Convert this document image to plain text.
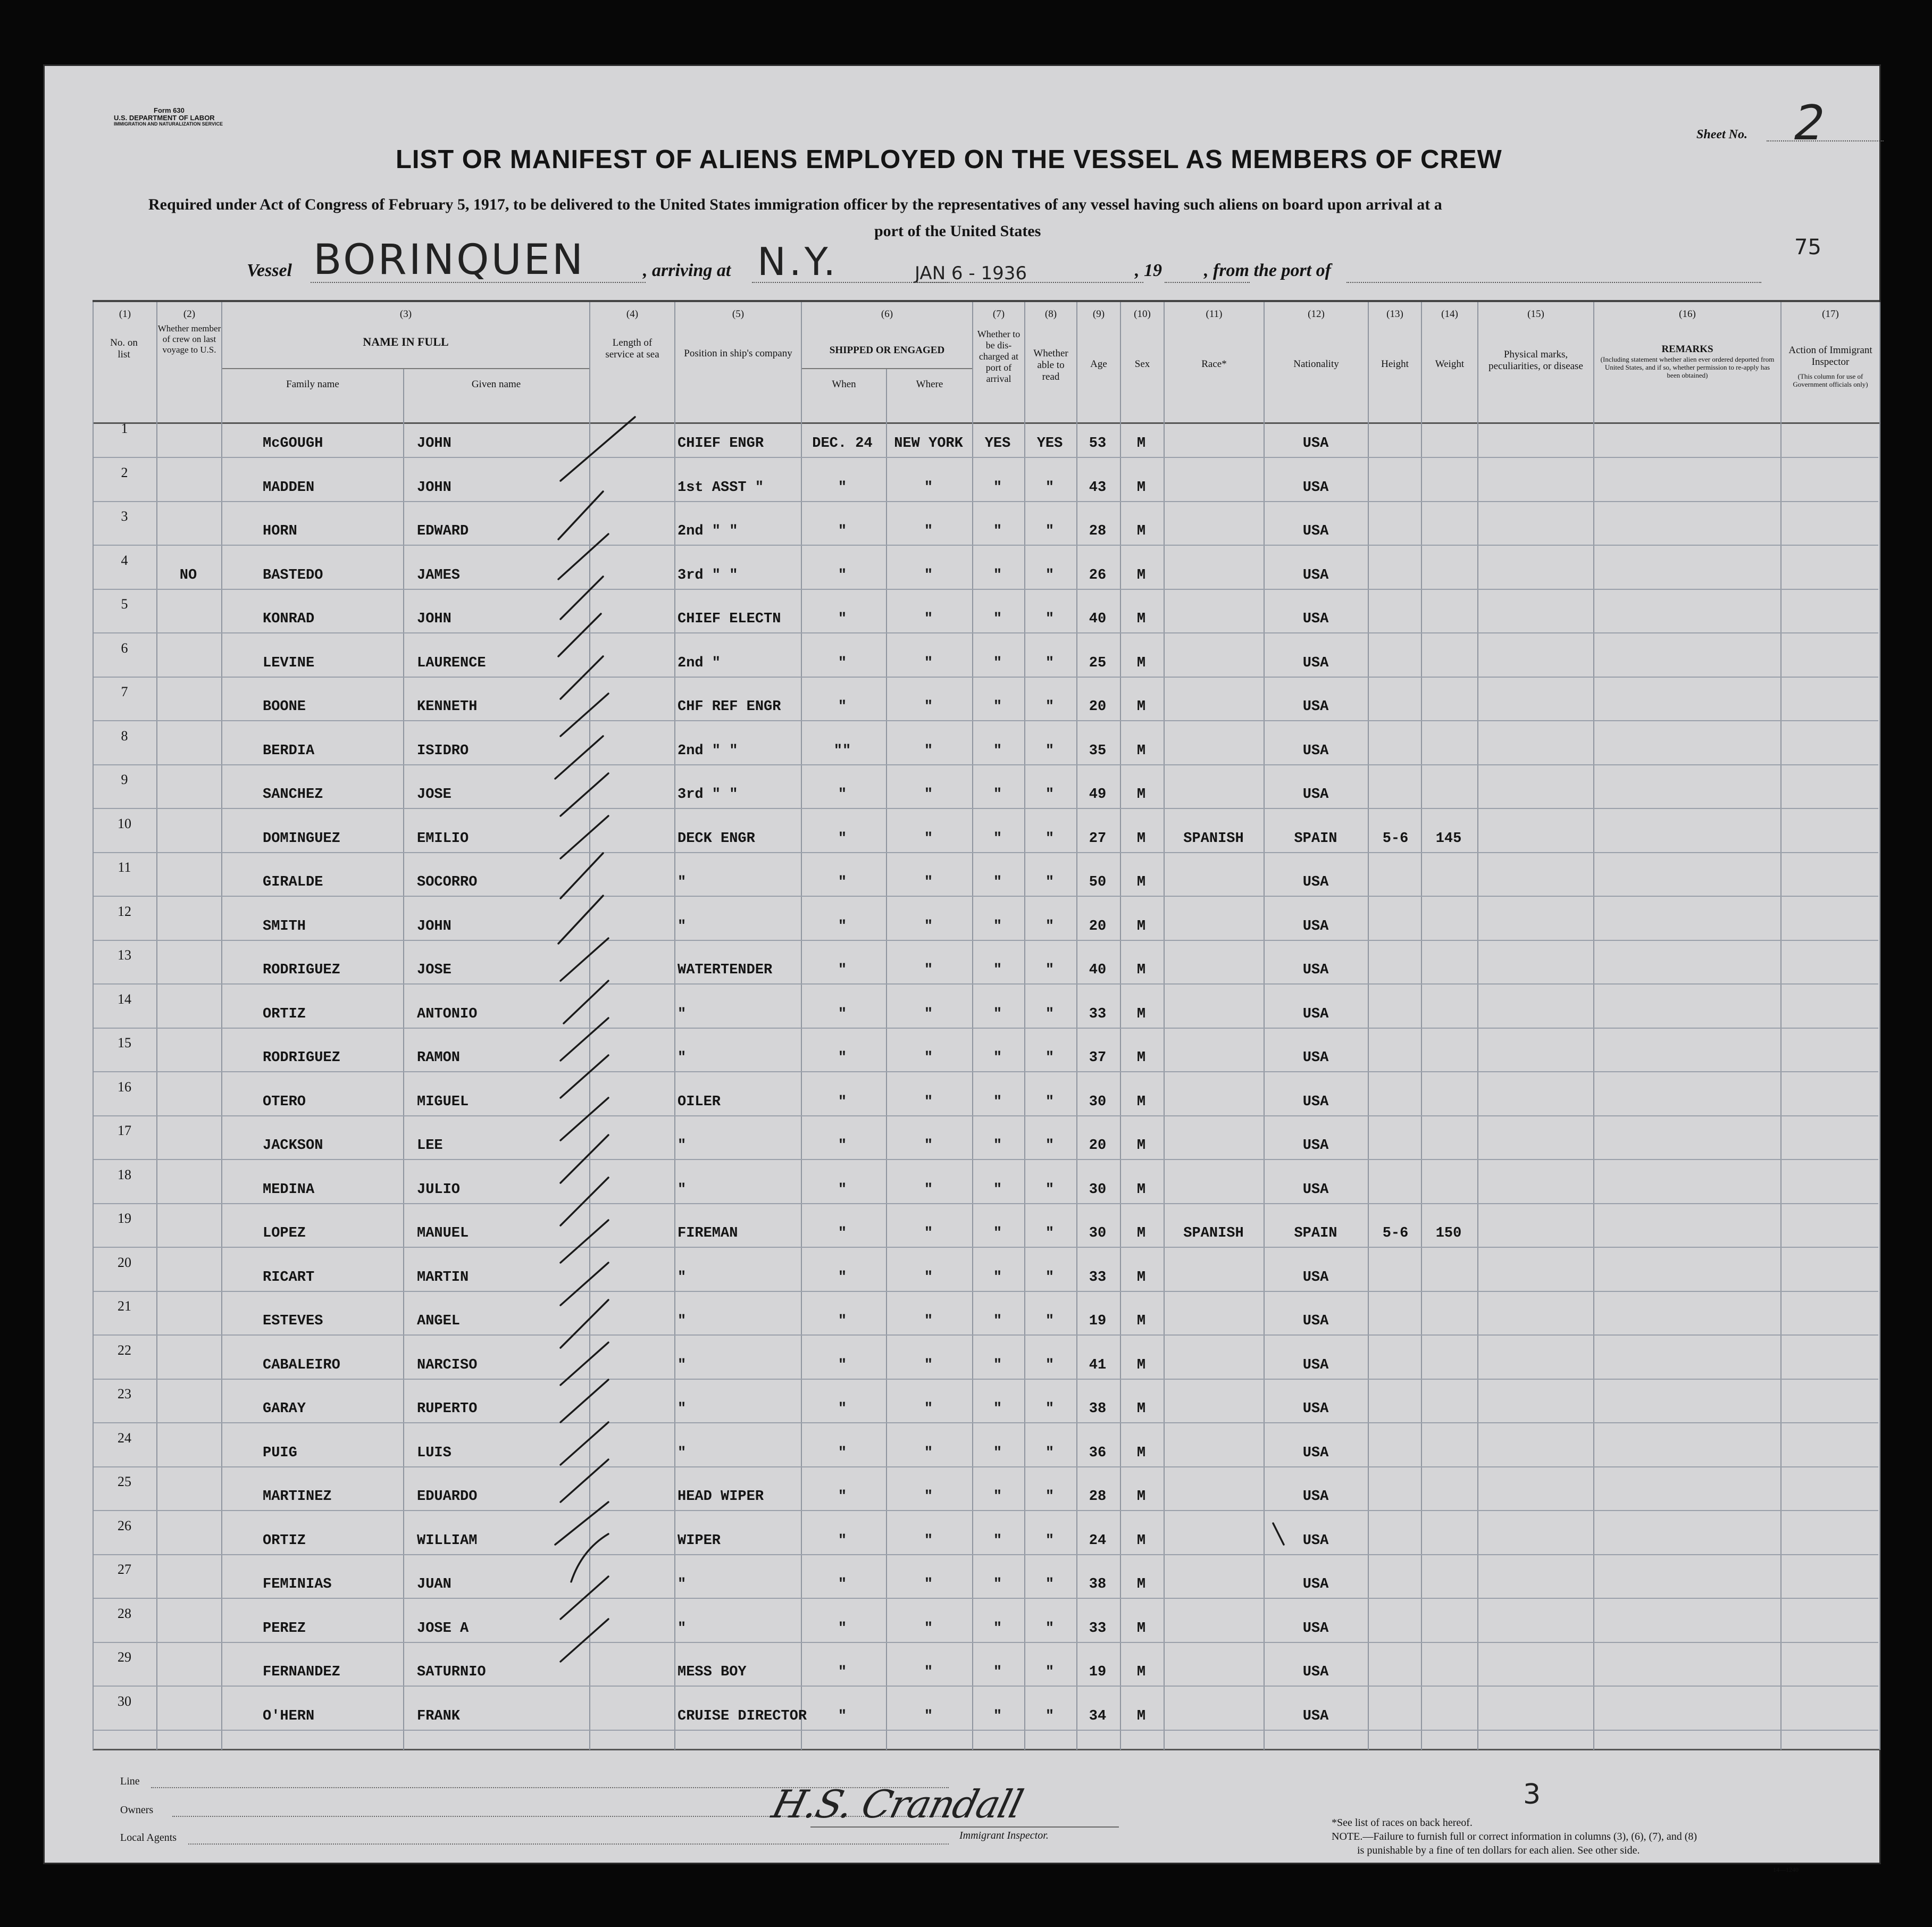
Form 630
U.S. DEPARTMENT OF LABOR
IMMIGRATION AND NATURALIZATION SERVICE
Sheet No. 2
LIST OR MANIFEST OF ALIENS EMPLOYED ON THE VESSEL AS MEMBERS OF CREW
Required under Act of Congress of February 5, 1917, to be delivered to the United States immigration officer by the representatives of any vessel having such aliens on board upon arrival at a
port of the United States
75
Vessel BORINQUEN	, arriving at N.Y.	JAN 6 - 1936	, 19 , from the port of
(1)	(2)	(3)	(4)	(5)	(6)	(7)	(8)	(9)	(10)	(11)	(12)	(13)	(14)	(15)	(16)	(17)
No. on list
Whether member of crew on last voyage to U.S.
NAME IN FULL
Family name	Given name
Length of service at sea	Position in ship's company	SHIPPED OR ENGAGED
When	Where
Whether to be dis- charged at port of arrival
Whether able to read
Age	Sex	Race*	Nationality	Height	Weight
Physical marks, peculiarities, or disease
REMARKS
(Including statement whether alien ever ordered deported from United States, and if so, whether permission to re-apply has been obtained)
Action of Immigrant Inspector
(This column for use of Government officials only)
1
McGOUGH	JOHN	CHIEF ENGR	DEC. 24	NEW YORK	YES	YES	53	M	USA
2
MADDEN	JOHN	1st ASST "	"	"	"	"	43	M	USA
3
HORN	EDWARD	2nd " "	"	"	"	"	28	M	USA
4
NO	BASTEDO	JAMES	3rd " "	"	"	"	"	26	M	USA
5
KONRAD	JOHN	CHIEF ELECTN	"	"	"	"	40	M	USA
6
LEVINE	LAURENCE	2nd "	"	"	"	"	25	M	USA
7
BOONE	KENNETH	CHF REF ENGR	"	"	"	"	20	M	USA
8
BERDIA	ISIDRO	2nd " "	""	"	"	"	35	M	USA
9
SANCHEZ	JOSE	3rd " "	"	"	"	"	49	M	USA
10
DOMINGUEZ	EMILIO	DECK ENGR	"	"	"	"	27	M	SPANISH	SPAIN	5-6	145
11
GIRALDE	SOCORRO	"	"	"	"	"	50	M	USA
12
SMITH	JOHN	"	"	"	"	"	20	M	USA
13
RODRIGUEZ	JOSE	WATERTENDER	"	"	"	"	40	M	USA
14
ORTIZ	ANTONIO	"	"	"	"	"	33	M	USA
15
RODRIGUEZ	RAMON	"	"	"	"	"	37	M	USA
16
OTERO	MIGUEL	OILER	"	"	"	"	30	M	USA
17
JACKSON	LEE	"	"	"	"	"	20	M	USA
18
MEDINA	JULIO	"	"	"	"	"	30	M	USA
19
LOPEZ	MANUEL	FIREMAN	"	"	"	"	30	M	SPANISH	SPAIN	5-6	150
20
RICART	MARTIN	"	"	"	"	"	33	M	USA
21
ESTEVES	ANGEL	"	"	"	"	"	19	M	USA
22
CABALEIRO	NARCISO	"	"	"	"	"	41	M	USA
23
GARAY	RUPERTO	"	"	"	"	"	38	M	USA
24
PUIG	LUIS	"	"	"	"	"	36	M	USA
25
MARTINEZ	EDUARDO	HEAD WIPER	"	"	"	"	28	M	USA
26
ORTIZ	WILLIAM	WIPER	"	"	"	"	24	M	USA
27
FEMINIAS	JUAN	"	"	"	"	"	38	M	USA
28
PEREZ	JOSE A	"	"	"	"	"	33	M	USA
29
FERNANDEZ	SATURNIO	MESS BOY	"	"	"	"	19	M	USA
30
O'HERN	FRANK	CRUISE DIRECTOR	"	"	"	"	34	M	USA
Line
Owners
Local Agents
H.S. Crandall
Immigrant Inspector.
3
*See list of races on back hereof.
NOTE.—Failure to furnish full or correct information in columns (3), (6), (7), and (8)
is punishable by a fine of ten dollars for each alien. See other side.
14—1240
